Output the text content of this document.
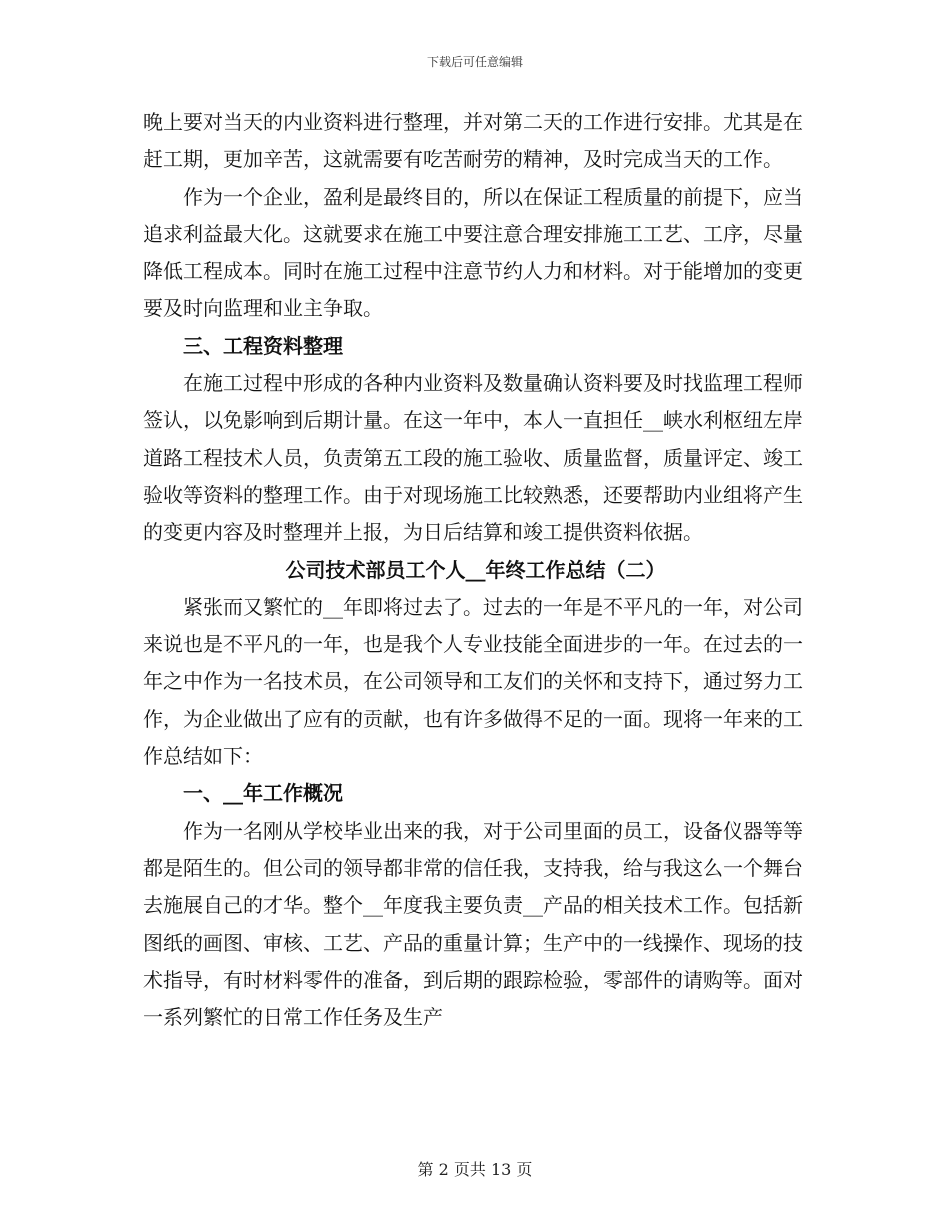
下载后可任意编辑

晚上要对当天的内业资料进行整理，并对第二天的工作进行安排。尤其是在赶工期，更加辛苦，这就需要有吃苦耐劳的精神，及时完成当天的工作。

作为一个企业，盈利是最终目的，所以在保证工程质量的前提下，应当追求利益最大化。这就要求在施工中要注意合理安排施工工艺、工序，尽量降低工程成本。同时在施工过程中注意节约人力和材料。对于能增加的变更要及时向监理和业主争取。

三、工程资料整理

在施工过程中形成的各种内业资料及数量确认资料要及时找监理工程师签认，以免影响到后期计量。在这一年中，本人一直担任__峡水利枢纽左岸道路工程技术人员，负责第五工段的施工验收、质量监督，质量评定、竣工验收等资料的整理工作。由于对现场施工比较熟悉，还要帮助内业组将产生的变更内容及时整理并上报，为日后结算和竣工提供资料依据。

公司技术部员工个人__年终工作总结（二）

紧张而又繁忙的__年即将过去了。过去的一年是不平凡的一年，对公司来说也是不平凡的一年，也是我个人专业技能全面进步的一年。在过去的一年之中作为一名技术员，在公司领导和工友们的关怀和支持下，通过努力工作，为企业做出了应有的贡献，也有许多做得不足的一面。现将一年来的工作总结如下：

一、__年工作概况

作为一名刚从学校毕业出来的我，对于公司里面的员工，设备仪器等等都是陌生的。但公司的领导都非常的信任我，支持我，给与我这么一个舞台去施展自己的才华。整个__年度我主要负责__产品的相关技术工作。包括新图纸的画图、审核、工艺、产品的重量计算；生产中的一线操作、现场的技术指导，有时材料零件的准备，到后期的跟踪检验，零部件的请购等。面对一系列繁忙的日常工作任务及生产

第 2 页共 13 页
